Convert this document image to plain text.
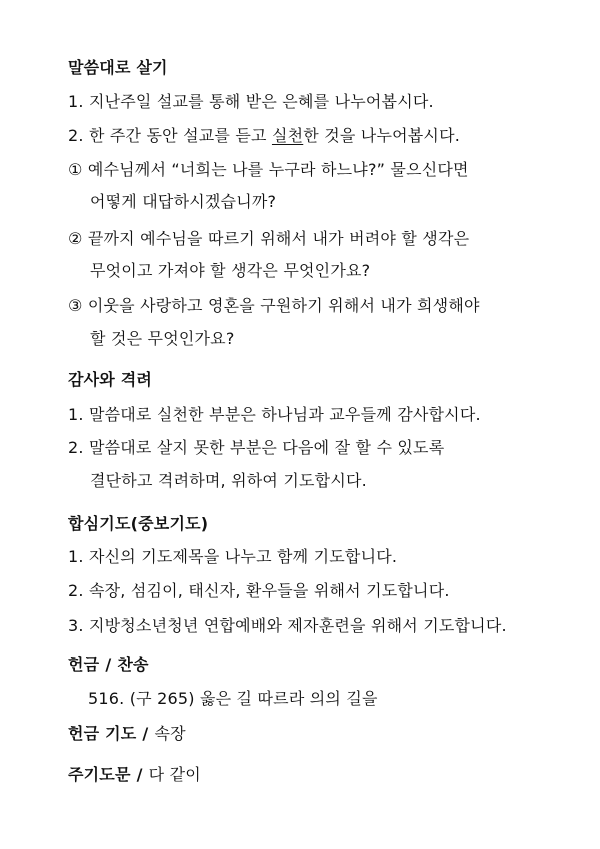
말씀대로 살기
1. 지난주일 설교를 통해 받은 은혜를 나누어봅시다.
2. 한 주간 동안 설교를 듣고 실천한 것을 나누어봅시다.
① 예수님께서 “너희는 나를 누구라 하느냐?” 물으신다면
어떻게 대답하시겠습니까?
② 끝까지 예수님을 따르기 위해서 내가 버려야 할 생각은
무엇이고 가져야 할 생각은 무엇인가요?
③ 이웃을 사랑하고 영혼을 구원하기 위해서 내가 희생해야
할 것은 무엇인가요?
감사와 격려
1. 말씀대로 실천한 부분은 하나님과 교우들께 감사합시다.
2. 말씀대로 살지 못한 부분은 다음에 잘 할 수 있도록
결단하고 격려하며, 위하여 기도합시다.
합심기도(중보기도)
1. 자신의 기도제목을 나누고 함께 기도합니다.
2. 속장, 섬김이, 태신자, 환우들을 위해서 기도합니다.
3. 지방청소년청년 연합예배와 제자훈련을 위해서 기도합니다.
헌금 / 찬송
516. (구 265) 옳은 길 따르라 의의 길을
헌금 기도 / 속장
주기도문 / 다 같이
